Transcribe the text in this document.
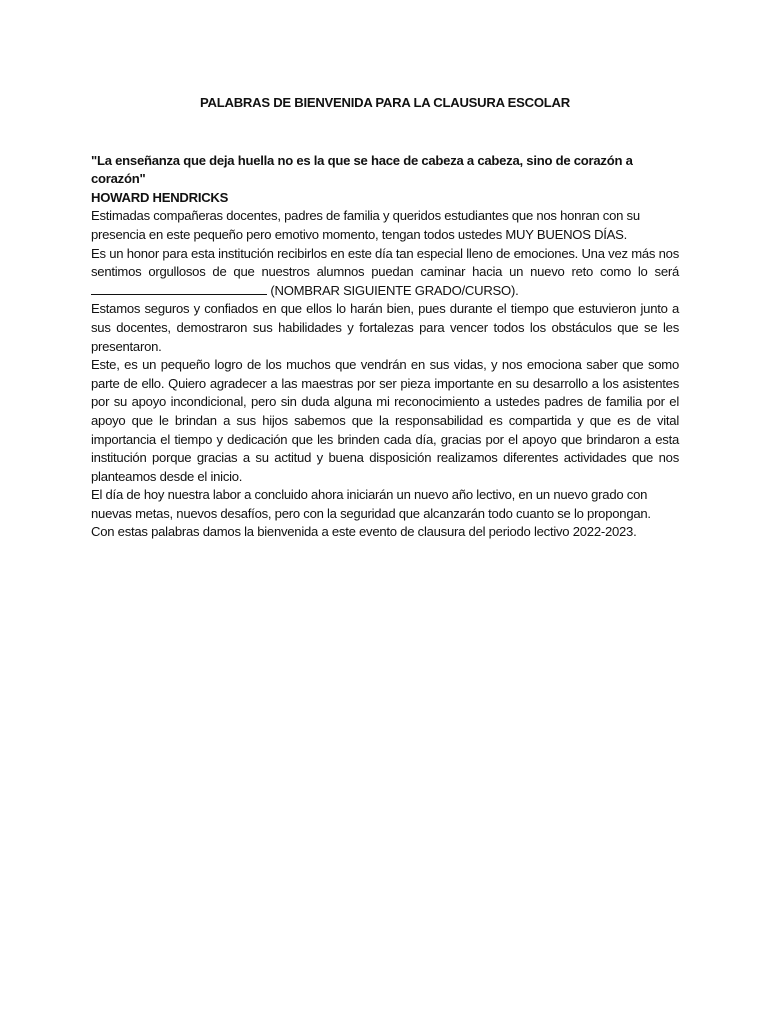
PALABRAS DE BIENVENIDA PARA LA CLAUSURA ESCOLAR

"La enseñanza que deja huella no es la que se hace de cabeza a cabeza, sino de corazón a corazón"
HOWARD HENDRICKS

Estimadas compañeras docentes, padres de familia y queridos estudiantes que nos honran con su presencia en este pequeño pero emotivo momento, tengan todos ustedes MUY BUENOS DÍAS.

Es un honor para esta institución recibirlos en este día tan especial lleno de emociones. Una vez más nos sentimos orgullosos de que nuestros alumnos puedan caminar hacia un nuevo reto como lo será  (NOMBRAR SIGUIENTE GRADO/CURSO).

Estamos seguros y confiados en que ellos lo harán bien, pues durante el tiempo que estuvieron junto a sus docentes, demostraron sus habilidades y fortalezas para vencer todos los obstáculos que se les presentaron.

Este, es un pequeño logro de los muchos que vendrán en sus vidas, y nos emociona saber que somo parte de ello. Quiero agradecer a las maestras por ser pieza importante en su desarrollo a los asistentes por su apoyo incondicional, pero sin duda alguna mi reconocimiento a ustedes padres de familia por el apoyo que le brindan a sus hijos sabemos que la responsabilidad es compartida y que es de vital importancia el tiempo y dedicación que les brinden cada día, gracias por el apoyo que brindaron a esta institución porque gracias a su actitud y buena disposición realizamos diferentes actividades que nos planteamos desde el inicio.

El día de hoy nuestra labor a concluido ahora iniciarán un nuevo año lectivo, en un nuevo grado con nuevas metas, nuevos desafíos, pero con la seguridad que alcanzarán todo cuanto se lo propongan.

Con estas palabras damos la bienvenida a este evento de clausura del periodo lectivo 2022-2023.
